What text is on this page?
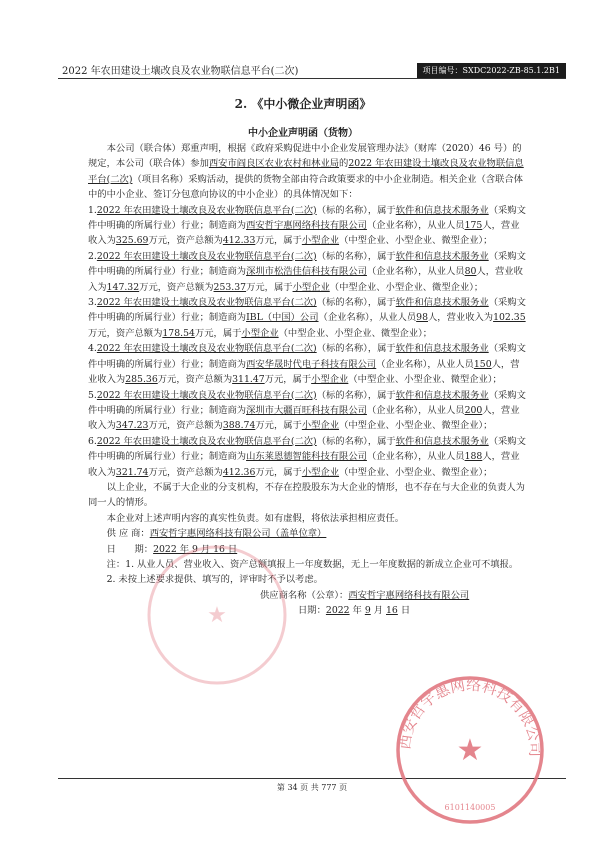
2022 年农田建设土壤改良及农业物联信息平台(二次)	项目编号：SXDC2022-ZB-85.1.2B1
2. 《中小微企业声明函》
中小企业声明函（货物）

本公司（联合体）郑重声明，根据《政府采购促进中小企业发展管理办法》（财库（2020）46 号）的规定，本公司（联合体）参加西安市阎良区农业农村和林业局的2022 年农田建设土壤改良及农业物联信息平台(二次)（项目名称）采购活动，提供的货物全部由符合政策要求的中小企业制造。相关企业（含联合体中的中小企业、签订分包意向协议的中小企业）的具体情况如下：

1.2022 年农田建设土壤改良及农业物联信息平台(二次)（标的名称），属于软件和信息技术服务业（采购文件中明确的所属行业）行业；制造商为西安哲宇惠网络科技有限公司（企业名称），从业人员175人，营业收入为325.69万元，资产总额为412.33万元，属于小型企业（中型企业、小型企业、微型企业）；

2.2022 年农田建设土壤改良及农业物联信息平台(二次)（标的名称），属于软件和信息技术服务业（采购文件中明确的所属行业）行业；制造商为深圳市松浩佳信科技有限公司（企业名称），从业人员80人，营业收入为147.32万元，资产总额为253.37万元，属于小型企业（中型企业、小型企业、微型企业）；

3.2022 年农田建设土壤改良及农业物联信息平台(二次)（标的名称），属于软件和信息技术服务业（采购文件中明确的所属行业）行业；制造商为IBL（中国）公司（企业名称），从业人员98人，营业收入为102.35万元，资产总额为178.54万元，属于小型企业（中型企业、小型企业、微型企业）；

4.2022 年农田建设土壤改良及农业物联信息平台(二次)（标的名称），属于软件和信息技术服务业（采购文件中明确的所属行业）行业；制造商为西安华晟时代电子科技有限公司（企业名称），从业人员150人，营业收入为285.36万元，资产总额为311.47万元，属于小型企业（中型企业、小型企业、微型企业）；

5.2022 年农田建设土壤改良及农业物联信息平台(二次)（标的名称），属于软件和信息技术服务业（采购文件中明确的所属行业）行业；制造商为深圳市大疆百旺科技有限公司（企业名称），从业人员200人，营业收入为347.23万元，资产总额为388.74万元，属于小型企业（中型企业、小型企业、微型企业）；

6.2022 年农田建设土壤改良及农业物联信息平台(二次)（标的名称），属于软件和信息技术服务业（采购文件中明确的所属行业）行业；制造商为山东莱恩德智能科技有限公司（企业名称），从业人员188人，营业收入为321.74万元，资产总额为412.36万元，属于小型企业（中型企业、小型企业、微型企业）；

以上企业，不属于大企业的分支机构，不存在控股股东为大企业的情形，也不存在与大企业的负责人为同一人的情形。

本企业对上述声明内容的真实性负责。如有虚假，将依法承担相应责任。

供 应 商：西安哲宇惠网络科技有限公司（盖单位章）

日　　期：2022 年 9 月 16 日

注：1. 从业人员、营业收入、资产总额填报上一年度数据，无上一年度数据的新成立企业可不填报。

2. 未按上述要求提供、填写的，评审时不予以考虑。

供应商名称（公章）：西安哲宇惠网络科技有限公司

日期：2022 年 9 月 16 日

第 34 页 共 777 页
★
西安哲宇惠网络科技有限公司
★
6101140005
